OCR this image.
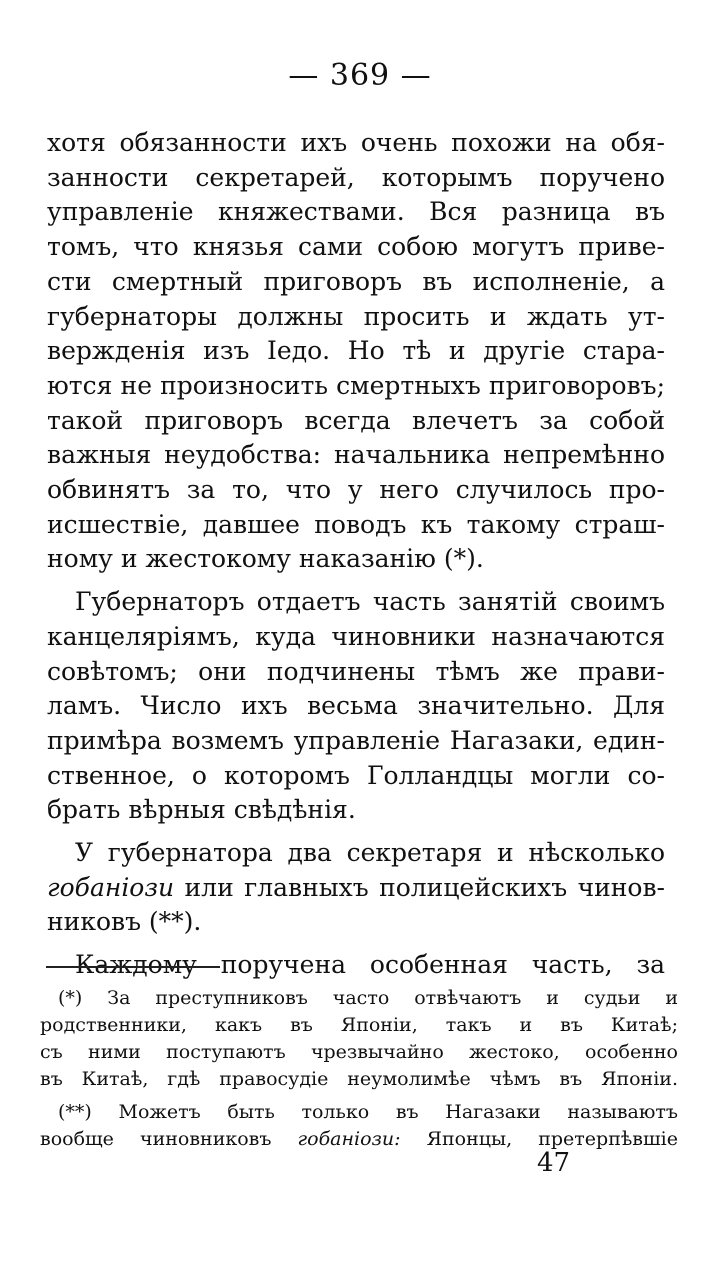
— 369 —
хотя обязанности ихъ очень похожи на обя-
занности секретарей, которымъ поручено
управленіе княжествами. Вся разница въ
томъ, что князья сами собою могутъ приве-
сти смертный приговоръ въ исполненіе, а
губернаторы должны просить и ждать ут-
вержденія изъ Іедо. Но тѣ и другіе стара-
ются не произносить смертныхъ приговоровъ;
такой приговоръ всегда влечетъ за собой
важныя неудобства: начальника непремѣнно
обвинятъ за то, что у него случилось про-
исшествіе, давшее поводъ къ такому страш-
ному и жестокому наказанію (*).
Губернаторъ отдаетъ часть занятій своимъ
канцеляріямъ, куда чиновники назначаются
совѣтомъ; они подчинены тѣмъ же прави-
ламъ. Число ихъ весьма значительно. Для
примѣра возмемъ управленіе Нагазаки, един-
ственное, о которомъ Голландцы могли со-
брать вѣрныя свѣдѣнія.
У губернатора два секретаря и нѣсколько
гобаніози или главныхъ полицейскихъ чинов-
никовъ (**).
Каждому поручена особенная часть, за
(*) За преступниковъ часто отвѣчаютъ и судьи и
родственники, какъ въ Японіи, такъ и въ Китаѣ;
съ ними поступаютъ чрезвычайно жестоко, особенно
въ Китаѣ, гдѣ правосудіе неумолимѣе чѣмъ въ Японіи.
(**) Можетъ быть только въ Нагазаки называютъ
вообще чиновниковъ гобаніози: Японцы, претерпѣвшіе
47
